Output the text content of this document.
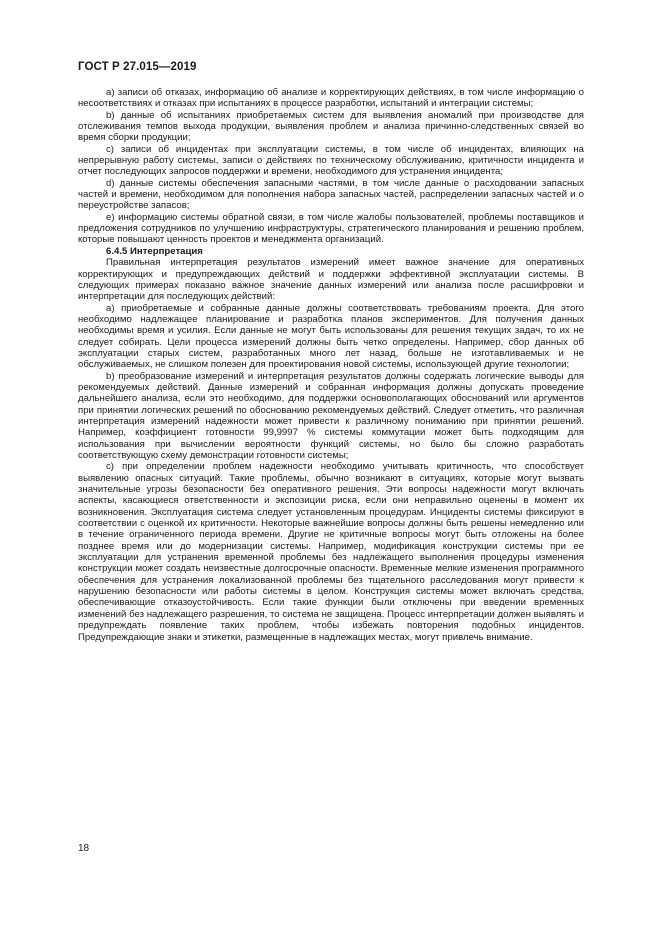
ГОСТ Р 27.015—2019

a) записи об отказах, информацию об анализе и корректирующих действиях, в том числе информацию о несоответствиях и отказах при испытаниях в процессе разработки, испытаний и интеграции системы;

b) данные об испытаниях приобретаемых систем для выявления аномалий при производстве для отслеживания темпов выхода продукции, выявления проблем и анализа причинно-следственных связей во время сборки продукции;

c) записи об инцидентах при эксплуатации системы, в том числе об инцидентах, влияющих на непрерывную работу системы, записи о действиях по техническому обслуживанию, критичности инцидента и отчет последующих запросов поддержки и времени, необходимого для устранения инцидента;

d) данные системы обеспечения запасными частями, в том числе данные о расходовании запасных частей и времени, необходимом для пополнения набора запасных частей, распределении запасных частей и о переустройстве запасов;

e) информацию системы обратной связи, в том числе жалобы пользователей, проблемы поставщиков и предложения сотрудников по улучшению инфраструктуры, стратегического планирования и решению проблем, которые повышают ценность проектов и менеджмента организаций.

6.4.5 Интерпретация

Правильная интерпретация результатов измерений имеет важное значение для оперативных корректирующих и предупреждающих действий и поддержки эффективной эксплуатации системы. В следующих примерах показано важное значение данных измерений или анализа после расшифровки и интерпретации для последующих действий:

a) приобретаемые и собранные данные должны соответствовать требованиям проекта. Для этого необходимо надлежащее планирование и разработка планов экспериментов. Для получения данных необходимы время и усилия. Если данные не могут быть использованы для решения текущих задач, то их не следует собирать. Цели процесса измерений должны быть четко определены. Например, сбор данных об эксплуатации старых систем, разработанных много лет назад, больше не изготавливаемых и не обслуживаемых, не слишком полезен для проектирования новой системы, использующей другие технологии;

b) преобразование измерений и интерпретация результатов должны содержать логические выводы для рекомендуемых действий. Данные измерений и собранная информация должны допускать проведение дальнейшего анализа, если это необходимо, для поддержки основополагающих обоснований или аргументов при принятии логических решений по обоснованию рекомендуемых действий. Следует отметить, что различная интерпретация измерений надежности может привести к различному пониманию при принятии решений. Например, коэффициент готовности 99,9997 % системы коммутации может быть подходящим для использования при вычислении вероятности функций системы, но было бы сложно разработать соответствующую схему демонстрации готовности системы;

c) при определении проблем надежности необходимо учитывать критичность, что способствует выявлению опасных ситуаций. Такие проблемы, обычно возникают в ситуациях, которые могут вызвать значительные угрозы безопасности без оперативного решения. Эти вопросы надежности могут включать аспекты, касающиеся ответственности и экспозиции риска, если они неправильно оценены в момент их возникновения. Эксплуатация система следует установленным процедурам. Инциденты системы фиксируют в соответствии с оценкой их критичности. Некоторые важнейшие вопросы должны быть решены немедленно или в течение ограниченного периода времени. Другие не критичные вопросы могут быть отложены на более позднее время или до модернизации системы. Например, модификация конструкции системы при ее эксплуатации для устранения временной проблемы без надлежащего выполнения процедуры изменения конструкции может создать неизвестные долгосрочные опасности. Временные мелкие изменения программного обеспечения для устранения локализованной проблемы без тщательного расследования могут привести к нарушению безопасности или работы системы в целом. Конструкция системы может включать средства, обеспечивающие отказоустойчивость. Если такие функции были отключены при введении временных изменений без надлежащего разрешения, то система не защищена. Процесс интерпретации должен выявлять и предупреждать появление таких проблем, чтобы избежать повторения подобных инцидентов. Предупреждающие знаки и этикетки, размещенные в надлежащих местах, могут привлечь внимание.

18
